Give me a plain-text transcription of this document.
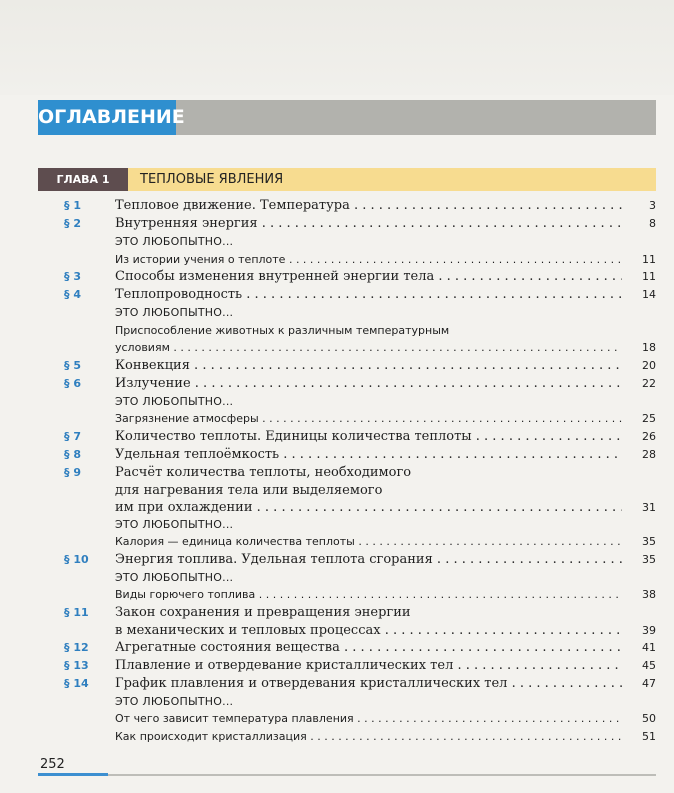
ОГЛАВЛЕНИЕ
ГЛАВА 1	ТЕПЛОВЫЕ ЯВЛЕНИЯ
§ 1	Тепловое движение. Температура . . .	3
§ 2	Внутренняя энергия . . .	8
ЭТО ЛЮБОПЫТНО...
Из истории учения о теплоте . . .	11
§ 3	Способы изменения внутренней энергии тела . . .	11
§ 4	Теплопроводность . . .	14
ЭТО ЛЮБОПЫТНО...
Приспособление животных к различным температурным
условиям . . .	18
§ 5	Конвекция . . .	20
§ 6	Излучение . . .	22
ЭТО ЛЮБОПЫТНО...
Загрязнение атмосферы . . .	25
§ 7	Количество теплоты. Единицы количества теплоты . . .	26
§ 8	Удельная теплоёмкость . . .	28
§ 9	Расчёт количества теплоты, необходимого
для нагревания тела или выделяемого
им при охлаждении . . .	31
ЭТО ЛЮБОПЫТНО...
Калория — единица количества теплоты . . .	35
§ 10 Энергия топлива. Удельная теплота сгорания . . .	35
ЭТО ЛЮБОПЫТНО...
Виды горючего топлива . . .	38
§ 11 Закон сохранения и превращения энергии
в механических и тепловых процессах . . .	39
§ 12 Агрегатные состояния вещества . . .	41
§ 13 Плавление и отвердевание кристаллических тел . . .	45
§ 14 График плавления и отвердевания кристаллических тел . . .	47
ЭТО ЛЮБОПЫТНО...
От чего зависит температура плавления . . .	50
Как происходит кристаллизация . . .	51
252
